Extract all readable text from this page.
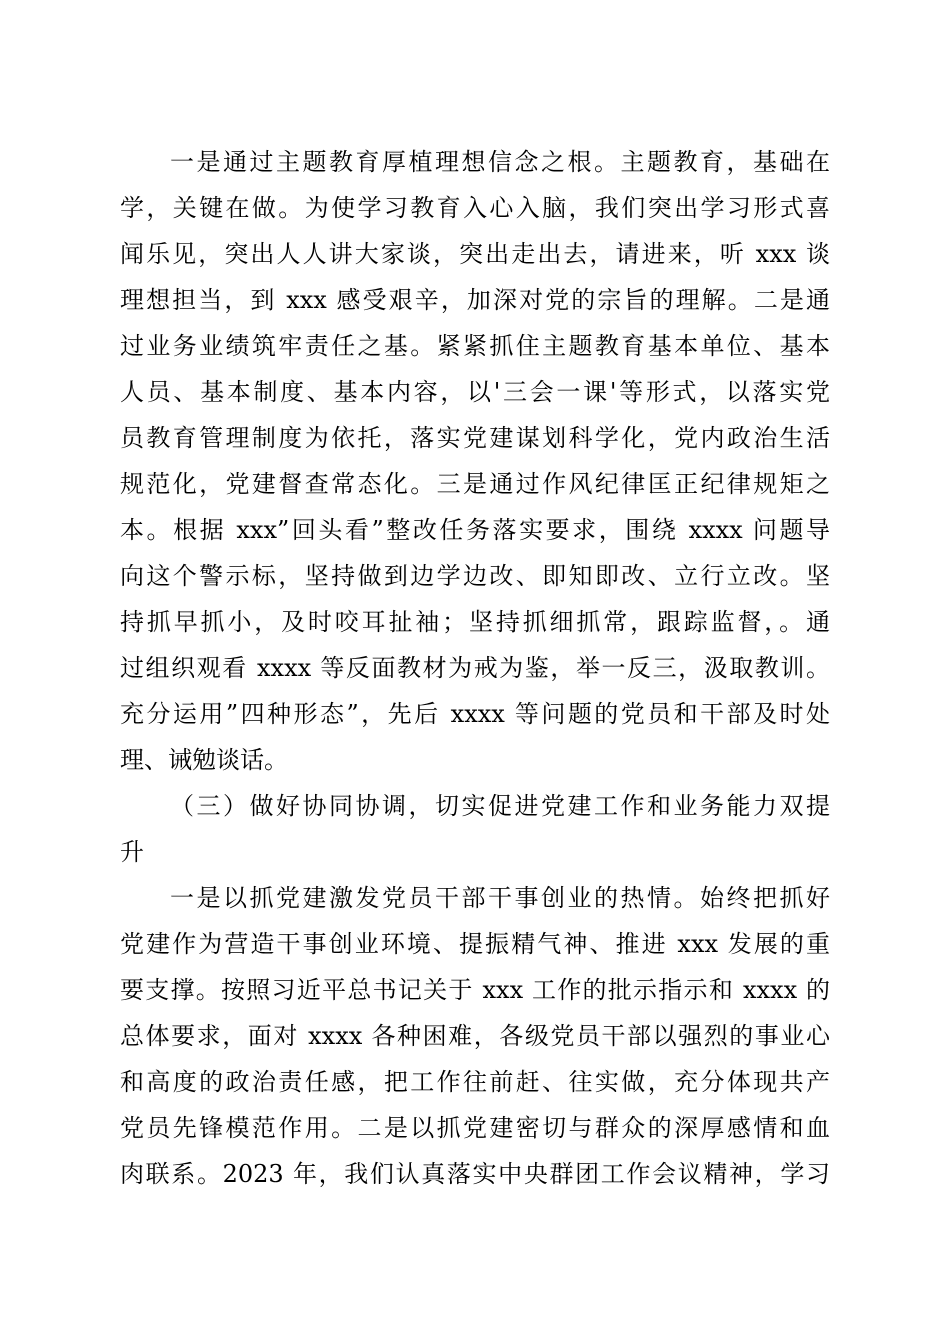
一是通过主题教育厚植理想信念之根。主题教育，基础在
学，关键在做。为使学习教育入心入脑，我们突出学习形式喜
闻乐见，突出人人讲大家谈，突出走出去，请进来，听 xxx 谈
理想担当，到 xxx 感受艰辛，加深对党的宗旨的理解。二是通
过业务业绩筑牢责任之基。紧紧抓住主题教育基本单位、基本
人员、基本制度、基本内容，以'三会一课'等形式，以落实党
员教育管理制度为依托，落实党建谋划科学化，党内政治生活
规范化，党建督查常态化。三是通过作风纪律匡正纪律规矩之
本。根据 xxx”回头看”整改任务落实要求，围绕 xxxx 问题导
向这个警示标，坚持做到边学边改、即知即改、立行立改。坚
持抓早抓小，及时咬耳扯袖；坚持抓细抓常，跟踪监督，。通
过组织观看 xxxx 等反面教材为戒为鉴，举一反三，汲取教训。
充分运用”四种形态”，先后 xxxx 等问题的党员和干部及时处
理、诫勉谈话。
（三）做好协同协调，切实促进党建工作和业务能力双提
升
一是以抓党建激发党员干部干事创业的热情。始终把抓好
党建作为营造干事创业环境、提振精气神、推进 xxx 发展的重
要支撑。按照习近平总书记关于 xxx 工作的批示指示和 xxxx 的
总体要求，面对 xxxx 各种困难，各级党员干部以强烈的事业心
和高度的政治责任感，把工作往前赶、往实做，充分体现共产
党员先锋模范作用。二是以抓党建密切与群众的深厚感情和血
肉联系。2023 年，我们认真落实中央群团工作会议精神，学习
